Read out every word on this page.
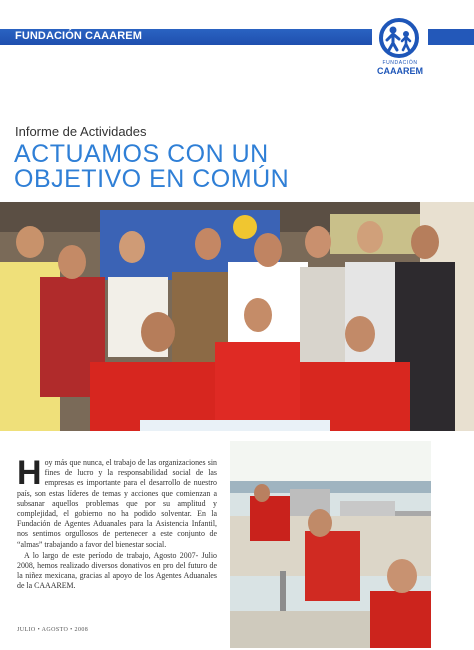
FUNDACIÓN CAAAREM
FUNDACIÓN
CAAAREM
Informe de Actividades
ACTUAMOS CON UN OBJETIVO EN COMÚN

Hoy más que nunca, el trabajo de las organizaciones sin fines de lucro y la responsabilidad social de las empresas es importante para el desarrollo de nuestro país, son estas líderes de temas y acciones que comienzan a subsanar aquellos problemas que por su amplitud y complejidad, el gobierno no ha podido solventar. En la Fundación de Agentes Aduanales para la Asistencia Infantil, nos sentimos orgullosos de pertenecer a este conjunto de “almas” trabajando a favor del bienestar social.

A lo largo de este período de trabajo, Agosto 2007- Julio 2008, hemos realizado diversos donativos en pro del futuro de la niñez mexicana, gracias al apoyo de los Agentes Aduanales de la CAAAREM.

JULIO • AGOSTO • 2008
